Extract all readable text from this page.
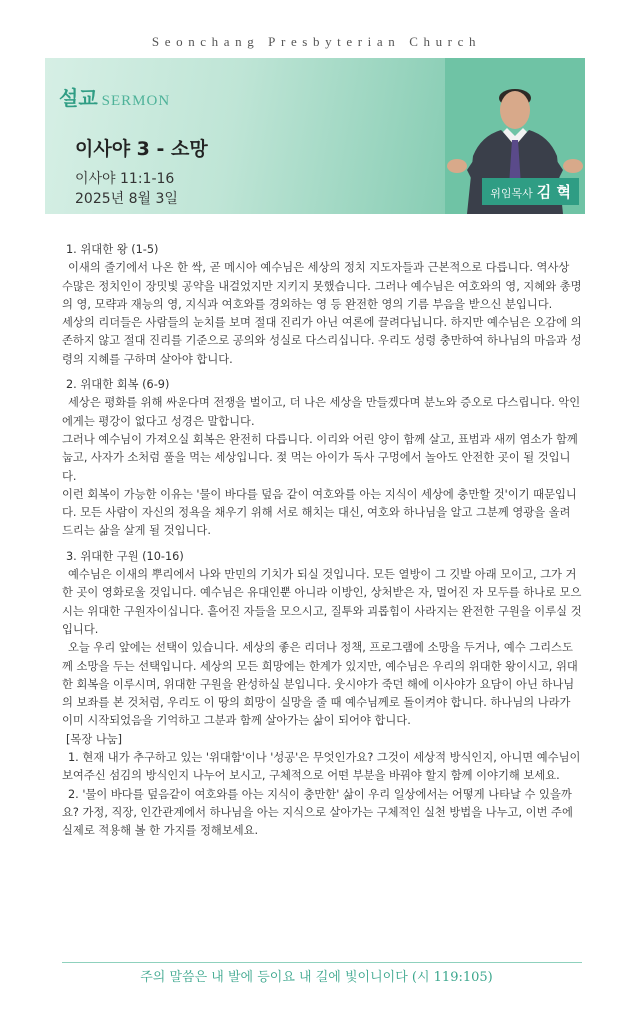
Seonchang Presbyterian Church
설교 SERMON
이사야 3 - 소망
이사야 11:1-16
2025년 8월 3일	위임목사 김 혁

1. 위대한 왕 (1-5)

이새의 줄기에서 나온 한 싹, 곧 메시아 예수님은 세상의 정치 지도자들과 근본적으로 다릅니다. 역사상 수많은 정치인이 장밋빛 공약을 내걸었지만 지키지 못했습니다. 그러나 예수님은 여호와의 영, 지혜와 총명의 영, 모략과 재능의 영, 지식과 여호와를 경외하는 영 등 완전한 영의 기름 부음을 받으신 분입니다.

세상의 리더들은 사람들의 눈치를 보며 절대 진리가 아닌 여론에 끌려다닙니다. 하지만 예수님은 오감에 의존하지 않고 절대 진리를 기준으로 공의와 성실로 다스리십니다. 우리도 성령 충만하여 하나님의 마음과 성령의 지혜를 구하며 살아야 합니다.

2. 위대한 회복 (6-9)

세상은 평화를 위해 싸운다며 전쟁을 벌이고, 더 나은 세상을 만들겠다며 분노와 증오로 다스립니다. 악인에게는 평강이 없다고 성경은 말합니다.

그러나 예수님이 가져오실 회복은 완전히 다릅니다. 이리와 어린 양이 함께 살고, 표범과 새끼 염소가 함께 눕고, 사자가 소처럼 풀을 먹는 세상입니다. 젖 먹는 아이가 독사 구멍에서 놀아도 안전한 곳이 될 것입니다.

이런 회복이 가능한 이유는 '물이 바다를 덮음 같이 여호와를 아는 지식이 세상에 충만할 것'이기 때문입니다. 모든 사람이 자신의 정욕을 채우기 위해 서로 해치는 대신, 여호와 하나님을 알고 그분께 영광을 올려 드리는 삶을 살게 될 것입니다.

3. 위대한 구원 (10-16)

예수님은 이새의 뿌리에서 나와 만민의 기치가 되실 것입니다. 모든 열방이 그 깃발 아래 모이고, 그가 거한 곳이 영화로울 것입니다. 예수님은 유대인뿐 아니라 이방인, 상처받은 자, 멀어진 자 모두를 하나로 모으시는 위대한 구원자이십니다. 흩어진 자들을 모으시고, 질투와 괴롭힘이 사라지는 완전한 구원을 이루실 것입니다.

오늘 우리 앞에는 선택이 있습니다. 세상의 좋은 리더나 정책, 프로그램에 소망을 두거나, 예수 그리스도께 소망을 두는 선택입니다. 세상의 모든 희망에는 한계가 있지만, 예수님은 우리의 위대한 왕이시고, 위대한 회복을 이루시며, 위대한 구원을 완성하실 분입니다. 웃시야가 죽던 해에 이사야가 요담이 아닌 하나님의 보좌를 본 것처럼, 우리도 이 땅의 희망이 실망을 줄 때 예수님께로 돌이켜야 합니다. 하나님의 나라가 이미 시작되었음을 기억하고 그분과 함께 살아가는 삶이 되어야 합니다.

[목장 나눔]

1. 현재 내가 추구하고 있는 '위대함'이나 '성공'은 무엇인가요? 그것이 세상적 방식인지, 아니면 예수님이 보여주신 섬김의 방식인지 나누어 보시고, 구체적으로 어떤 부분을 바꿔야 할지 함께 이야기해 보세요.

2. '물이 바다를 덮음같이 여호와를 아는 지식이 충만한' 삶이 우리 일상에서는 어떻게 나타날 수 있을까요? 가정, 직장, 인간관계에서 하나님을 아는 지식으로 살아가는 구체적인 실천 방법을 나누고, 이번 주에 실제로 적용해 볼 한 가지를 정해보세요.

주의 말씀은 내 발에 등이요 내 길에 빛이니이다 (시 119:105)
